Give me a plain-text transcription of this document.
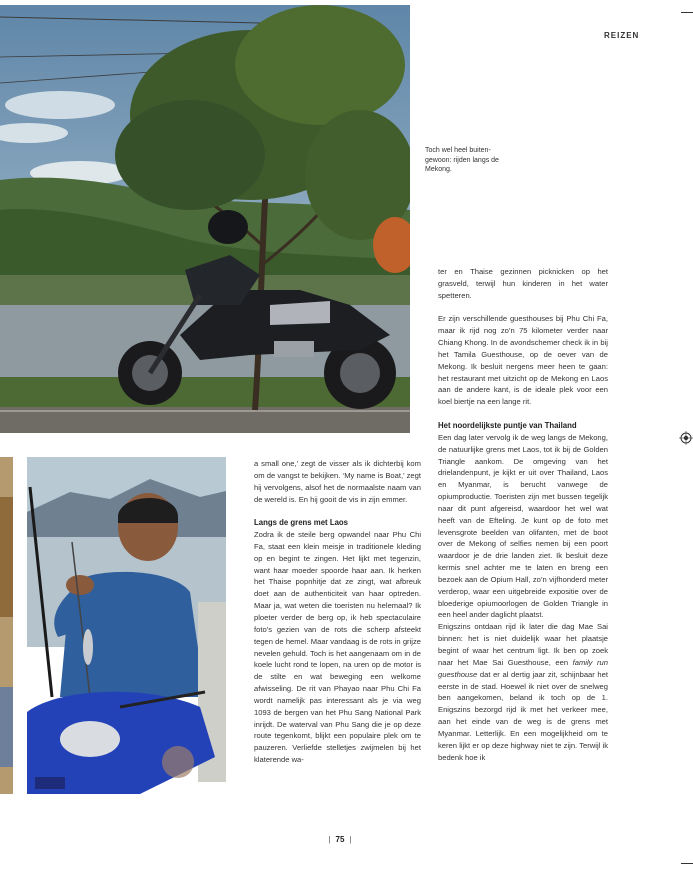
REIZEN
Toch wel heel buitengewoon: rijden langs de Mekong.

a small one,’ zegt de visser als ik dichterbij kom om de vangst te bekijken. ‘My name is Boat,’ zegt hij vervolgens, alsof het de normaalste naam van de wereld is. En hij gooit de vis in zijn emmer.

Langs de grens met Laos

Zodra ik de steile berg opwandel naar Phu Chi Fa, staat een klein meisje in traditionele kleding op en begint te zingen. Het lijkt met tegenzin, want haar moeder spoorde haar aan. Ik herken het Thaise popnhitje dat ze zingt, wat afbreuk doet aan de authenticiteit van haar optreden. Maar ja, wat weten die toeristen nu helemaal? Ik ploeter verder de berg op, ik heb spectaculaire foto’s gezien van de rots die scherp afsteekt tegen de hemel. Maar vandaag is de rots in grijze nevelen gehuld. Toch is het aangenaam om in de koele lucht rond te lopen, na uren op de motor is de stilte en wat beweging een welkome afwisseling. De rit van Phayao naar Phu Chi Fa wordt namelijk pas interessant als je via weg 1093 de bergen van het Phu Sang National Park inrijdt. De waterval van Phu Sang die je op deze route tegenkomt, blijkt een populaire plek om te pauzeren. Verliefde stelletjes zwijmelen bij het klaterende wa-

ter en Thaise gezinnen picknicken op het grasveld, terwijl hun kinderen in het water spetteren.

Er zijn verschillende guesthouses bij Phu Chi Fa, maar ik rijd nog zo’n 75 kilometer verder naar Chiang Khong. In de avondschemer check ik in bij het Tamila Guesthouse, op de oever van de Mekong. Ik besluit nergens meer heen te gaan: het restaurant met uitzicht op de Mekong en Laos aan de andere kant, is de ideale plek voor een koel biertje na een lange rit.

Het noordelijkste puntje van Thailand

Een dag later vervolg ik de weg langs de Mekong, de natuurlijke grens met Laos, tot ik bij de Golden Triangle aankom. De omgeving van het drielandenpunt, je kijkt er uit over Thailand, Laos en Myanmar, is berucht vanwege de opiumproductie. Toeristen zijn met bussen tegelijk naar dit punt afgereisd, waardoor het wel wat heeft van de Efteling. Je kunt op de foto met levensgrote beelden van olifanten, met de boot over de Mekong of selfies nemen bij een poort waardoor je de drie landen ziet. Ik besluit deze kermis snel achter me te laten en breng een bezoek aan de Opium Hall, zo’n vijfhonderd meter verderop, waar een uitgebreide expositie over de bloederige opiumoorlogen de Golden Triangle in een heel ander daglicht plaatst.

Enigszins ontdaan rijd ik later die dag Mae Sai binnen: het is niet duidelijk waar het plaatsje begint of waar het centrum ligt. Ik ben op zoek naar het Mae Sai Guesthouse, een family run guesthouse dat er al dertig jaar zit, schijnbaar het eerste in de stad. Hoewel ik niet over de snelweg ben aangekomen, beland ik toch op de 1. Enigszins bezorgd rijd ik met het verkeer mee, aan het einde van de weg is de grens met Myanmar. Letterlijk. En een mogelijkheid om te keren lijkt er op deze highway niet te zijn. Terwijl ik bedenk hoe ik

| 75 |
